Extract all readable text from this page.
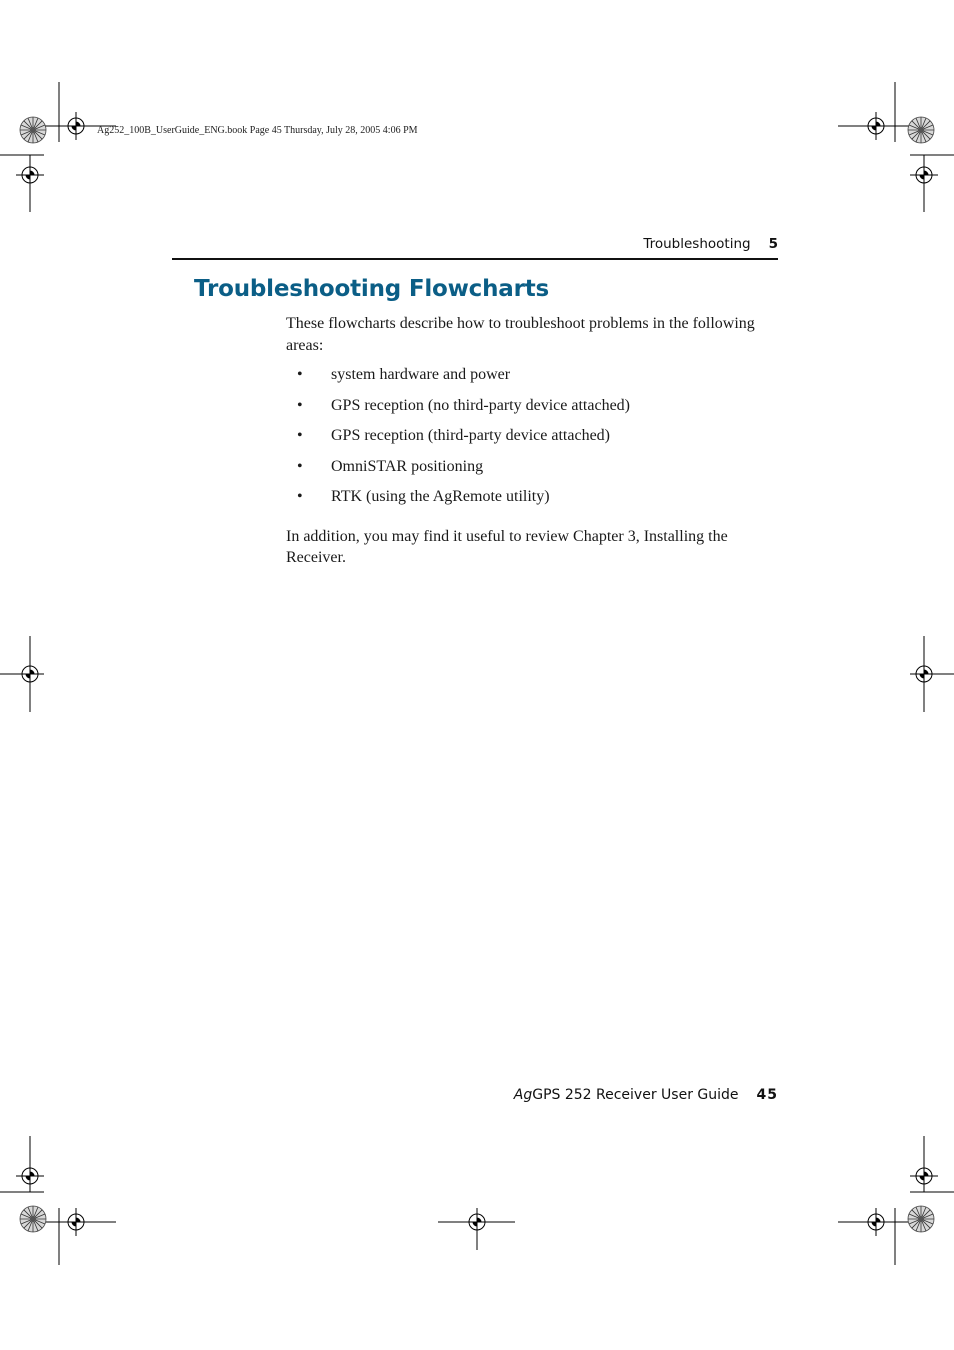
Ag252_100B_UserGuide_ENG.book Page 45 Thursday, July 28, 2005 4:06 PM
Troubleshooting 5
Troubleshooting Flowcharts

These flowcharts describe how to troubleshoot problems in the following areas:

• system hardware and power
• GPS reception (no third-party device attached)
• GPS reception (third-party device attached)
• OmniSTAR positioning
• RTK (using the AgRemote utility)

In addition, you may find it useful to review Chapter 3, Installing the Receiver.

AgGPS 252 Receiver User Guide 45
